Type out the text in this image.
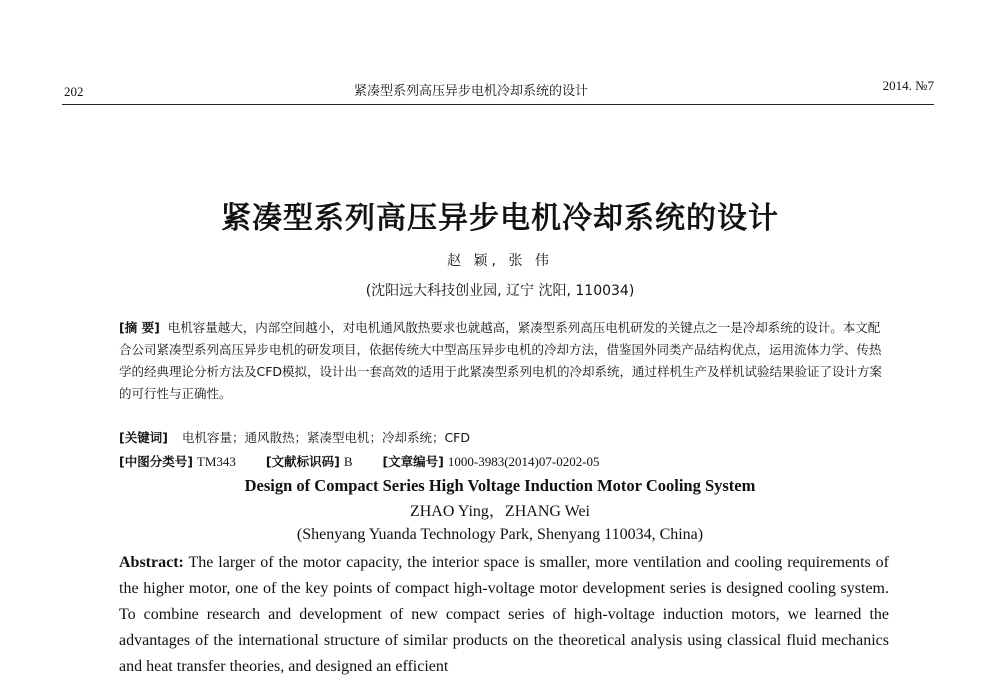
202	紧凑型系列高压异步电机冷却系统的设计	2014. №7
紧凑型系列高压异步电机冷却系统的设计
赵 颖, 张 伟
(沈阳远大科技创业园, 辽宁 沈阳, 110034)
[摘 要] 电机容量越大，内部空间越小，对电机通风散热要求也就越高，紧凑型系列高压电机研发的关键点之一是冷却系统的设计。本文配合公司紧凑型系列高压异步电机的研发项目，依据传统大中型高压异步电机的冷却方法，借鉴国外同类产品结构优点，运用流体力学、传热学的经典理论分析方法及CFD模拟，设计出一套高效的适用于此紧凑型系列电机的冷却系统，通过样机生产及样机试验结果验证了设计方案的可行性与正确性。
[关键词] 电机容量；通风散热；紧凑型电机；冷却系统；CFD
[中图分类号] TM343 [文献标识码] B [文章编号] 1000-3983(2014)07-0202-05
Design of Compact Series High Voltage Induction Motor Cooling System
ZHAO Ying，ZHANG Wei
(Shenyang Yuanda Technology Park, Shenyang 110034, China)
Abstract: The larger of the motor capacity, the interior space is smaller, more ventilation and cooling requirements of the higher motor, one of the key points of compact high-voltage motor development series is designed cooling system. To combine research and development of new compact series of high-voltage induction motors, we learned the advantages of the international structure of similar products on the theoretical analysis using classical fluid mechanics and heat transfer theories, and designed an efficient
